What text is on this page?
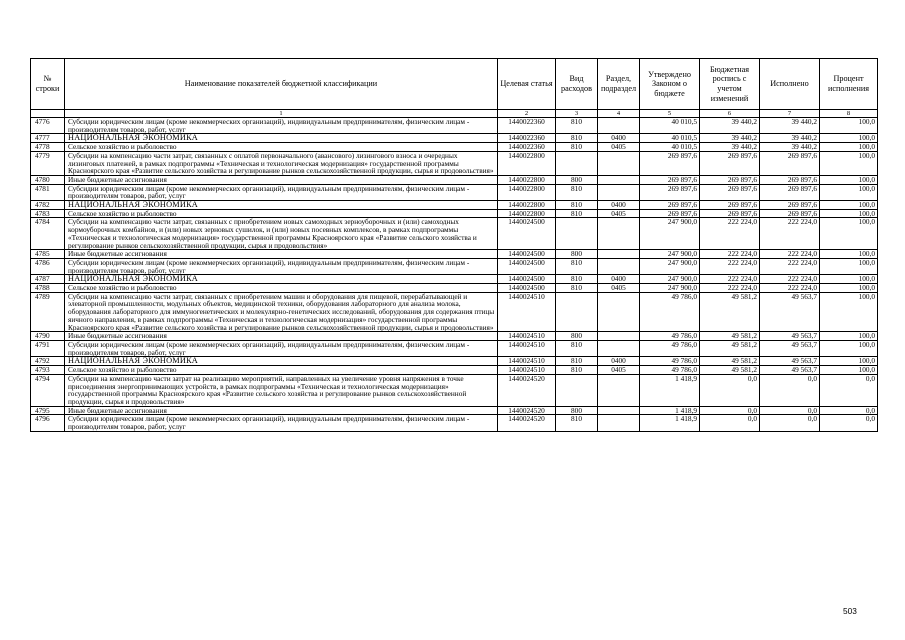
№ строки	Наименование показателей бюджетной классификации	Целевая статья	Вид расходов	Раздел, подраздел	Утверждено Законом о бюджете	Бюджетная роспись с учетом изменений	Исполнено	Процент исполнения
	1	2	3	4	5	6	7	8
4776	Субсидии юридическим лицам (кроме некоммерческих организаций), индивидуальным предпринимателям, физическим лицам - производителям товаров, работ, услуг	1440022360	810		40 010,5	39 440,2	39 440,2	100,0
4777	НАЦИОНАЛЬНАЯ ЭКОНОМИКА	1440022360	810	0400	40 010,5	39 440,2	39 440,2	100,0
4778	Сельское хозяйство и рыболовство	1440022360	810	0405	40 010,5	39 440,2	39 440,2	100,0
4779	Субсидии на компенсацию части затрат, связанных с оплатой первоначального (авансового) лизингового взноса и очередных лизинговых платежей, в рамках подпрограммы «Техническая и технологическая модернизация» государственной программы Красноярского края «Развитие сельского хозяйства и регулирование рынков сельскохозяйственной продукции, сырья и продовольствия»	1440022800			269 897,6	269 897,6	269 897,6	100,0
4780	Иные бюджетные ассигнования	1440022800	800		269 897,6	269 897,6	269 897,6	100,0
4781	Субсидии юридическим лицам (кроме некоммерческих организаций), индивидуальным предпринимателям, физическим лицам - производителям товаров, работ, услуг	1440022800	810		269 897,6	269 897,6	269 897,6	100,0
4782	НАЦИОНАЛЬНАЯ ЭКОНОМИКА	1440022800	810	0400	269 897,6	269 897,6	269 897,6	100,0
4783	Сельское хозяйство и рыболовство	1440022800	810	0405	269 897,6	269 897,6	269 897,6	100,0
4784	Субсидии на компенсацию части затрат, связанных с приобретением новых самоходных зерноуборочных и (или) самоходных кормоуборочных комбайнов, и (или) новых зерновых сушилок, и (или) новых посевных комплексов, в рамках подпрограммы «Техническая и технологическая модернизация» государственной программы Красноярского края «Развитие сельского хозяйства и регулирование рынков сельскохозяйственной продукции, сырья и продовольствия»	1440024500			247 900,0	222 224,0	222 224,0	100,0
4785	Иные бюджетные ассигнования	1440024500	800		247 900,0	222 224,0	222 224,0	100,0
4786	Субсидии юридическим лицам (кроме некоммерческих организаций), индивидуальным предпринимателям, физическим лицам - производителям товаров, работ, услуг	1440024500	810		247 900,0	222 224,0	222 224,0	100,0
4787	НАЦИОНАЛЬНАЯ ЭКОНОМИКА	1440024500	810	0400	247 900,0	222 224,0	222 224,0	100,0
4788	Сельское хозяйство и рыболовство	1440024500	810	0405	247 900,0	222 224,0	222 224,0	100,0
4789	Субсидии на компенсацию части затрат, связанных с приобретением машин и оборудования для пищевой, перерабатывающей и элеваторной промышленности, модульных объектов, медицинской техники, оборудования лабораторного для анализа молока, оборудования лабораторного для иммуногенетических и молекулярно-генетических исследований, оборудования для содержания птицы яичного направления, в рамках подпрограммы «Техническая и технологическая модернизация» государственной программы Красноярского края «Развитие сельского хозяйства и регулирование рынков сельскохозяйственной продукции, сырья и продовольствия»	1440024510			49 786,0	49 581,2	49 563,7	100,0
4790	Иные бюджетные ассигнования	1440024510	800		49 786,0	49 581,2	49 563,7	100,0
4791	Субсидии юридическим лицам (кроме некоммерческих организаций), индивидуальным предпринимателям, физическим лицам - производителям товаров, работ, услуг	1440024510	810		49 786,0	49 581,2	49 563,7	100,0
4792	НАЦИОНАЛЬНАЯ ЭКОНОМИКА	1440024510	810	0400	49 786,0	49 581,2	49 563,7	100,0
4793	Сельское хозяйство и рыболовство	1440024510	810	0405	49 786,0	49 581,2	49 563,7	100,0
4794	Субсидии на компенсацию части затрат на реализацию мероприятий, направленных на увеличение уровня напряжения в точке присоединения энергопринимающих устройств, в рамках подпрограммы «Техническая и технологическая модернизация» государственной программы Красноярского края «Развитие сельского хозяйства и регулирование рынков сельскохозяйственной продукции, сырья и продовольствия»	1440024520			1 418,9	0,0	0,0	0,0
4795	Иные бюджетные ассигнования	1440024520	800		1 418,9	0,0	0,0	0,0
4796	Субсидии юридическим лицам (кроме некоммерческих организаций), индивидуальным предпринимателям, физическим лицам - производителям товаров, работ, услуг	1440024520	810		1 418,9	0,0	0,0	0,0
503
